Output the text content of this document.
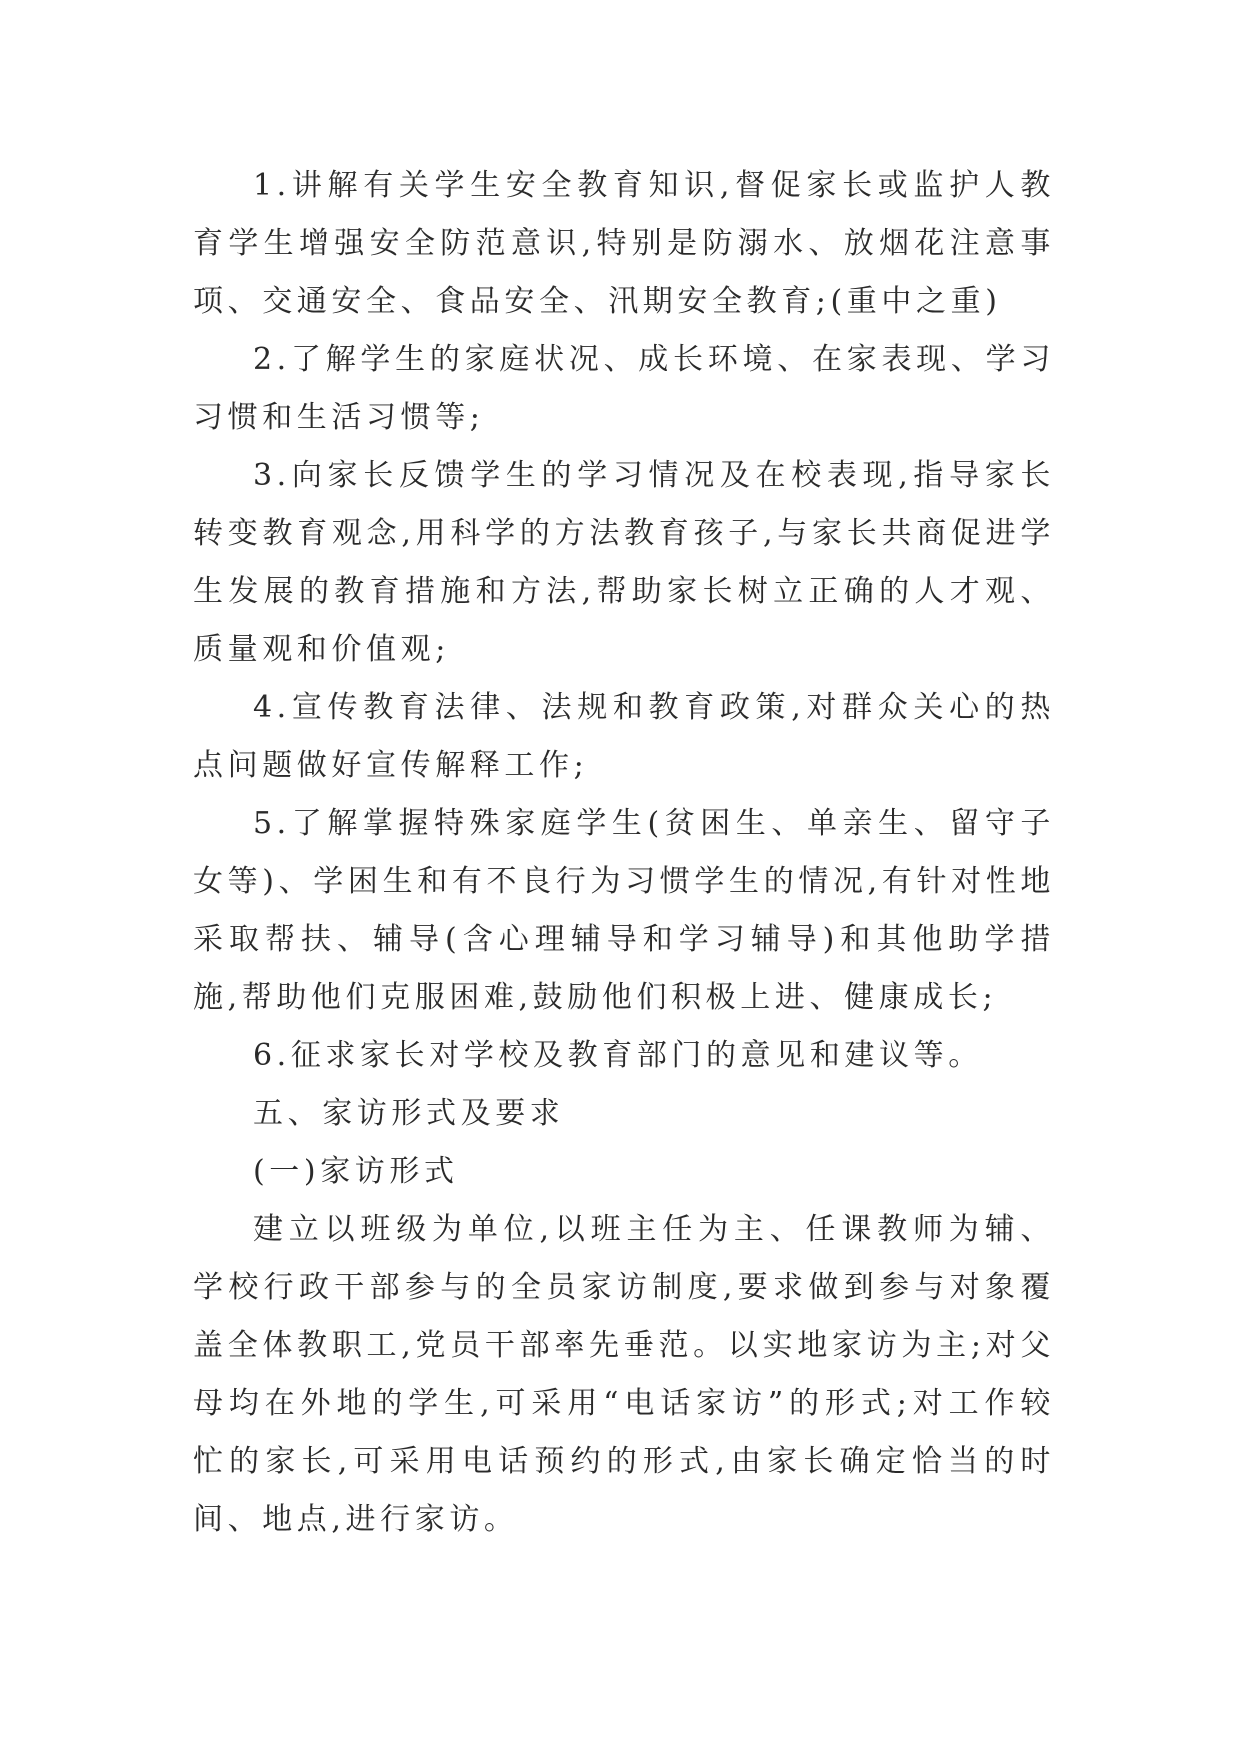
1.讲解有关学生安全教育知识,督促家长或监护人教育学生增强安全防范意识,特别是防溺水、放烟花注意事项、交通安全、食品安全、汛期安全教育;(重中之重)

2.了解学生的家庭状况、成长环境、在家表现、学习习惯和生活习惯等;

3.向家长反馈学生的学习情况及在校表现,指导家长转变教育观念,用科学的方法教育孩子,与家长共商促进学生发展的教育措施和方法,帮助家长树立正确的人才观、质量观和价值观;

4.宣传教育法律、法规和教育政策,对群众关心的热点问题做好宣传解释工作;

5.了解掌握特殊家庭学生(贫困生、单亲生、留守子女等)、学困生和有不良行为习惯学生的情况,有针对性地采取帮扶、辅导(含心理辅导和学习辅导)和其他助学措施,帮助他们克服困难,鼓励他们积极上进、健康成长;

6.征求家长对学校及教育部门的意见和建议等。

五、家访形式及要求

(一)家访形式

建立以班级为单位,以班主任为主、任课教师为辅、学校行政干部参与的全员家访制度,要求做到参与对象覆盖全体教职工,党员干部率先垂范。以实地家访为主;对父母均在外地的学生,可采用“电话家访”的形式;对工作较忙的家长,可采用电话预约的形式,由家长确定恰当的时间、地点,进行家访。
